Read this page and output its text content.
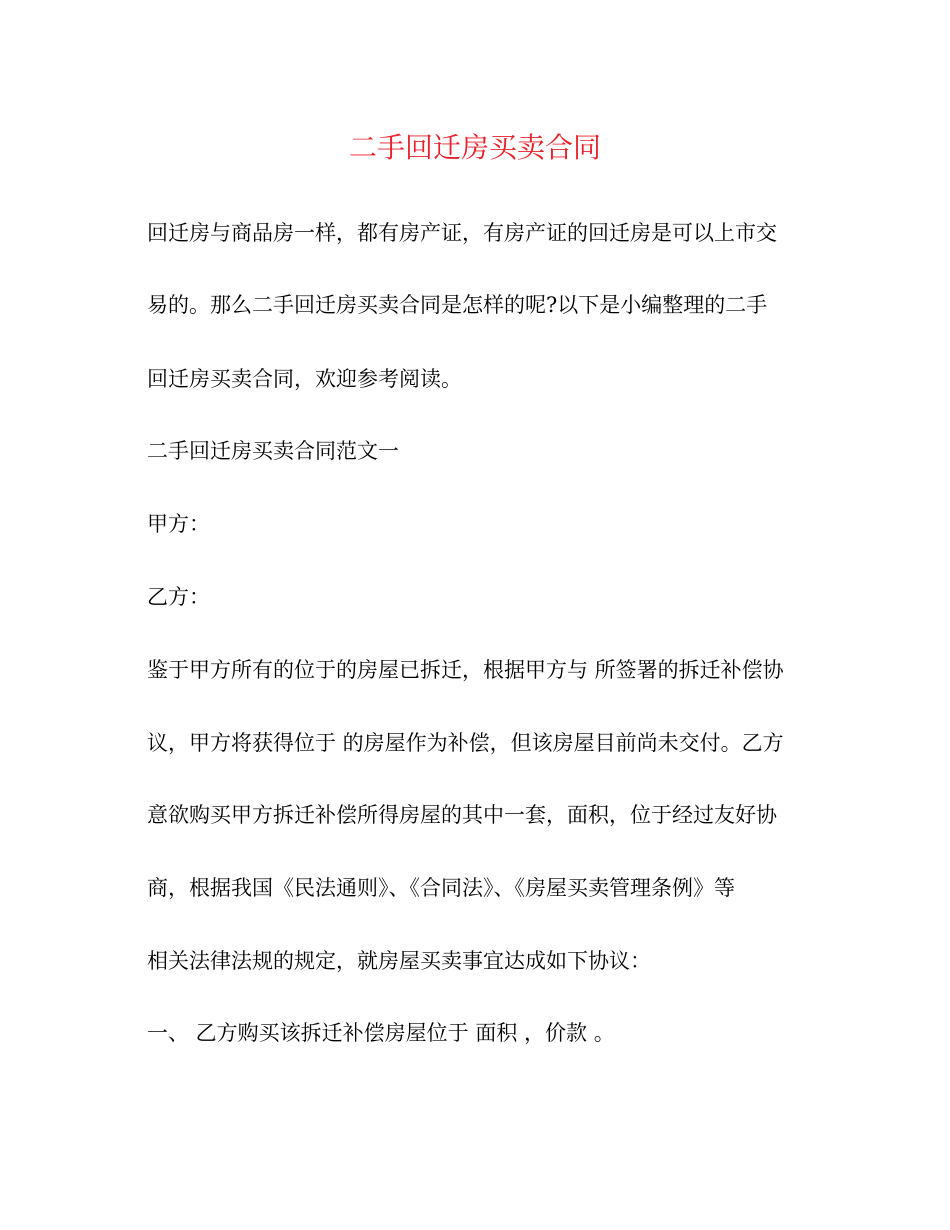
二手回迁房买卖合同
回迁房与商品房一样，都有房产证，有房产证的回迁房是可以上市交
易的。那么二手回迁房买卖合同是怎样的呢?以下是小编整理的二手
回迁房买卖合同，欢迎参考阅读。
二手回迁房买卖合同范文一
甲方：
乙方：
鉴于甲方所有的位于的房屋已拆迁，根据甲方与 所签署的拆迁补偿协
议，甲方将获得位于 的房屋作为补偿，但该房屋目前尚未交付。乙方
意欲购买甲方拆迁补偿所得房屋的其中一套，面积，位于经过友好协
商，根据我国《民法通则》、《合同法》、《房屋买卖管理条例》等
相关法律法规的规定，就房屋买卖事宜达成如下协议：
一、 乙方购买该拆迁补偿房屋位于 面积 ，价款 。
